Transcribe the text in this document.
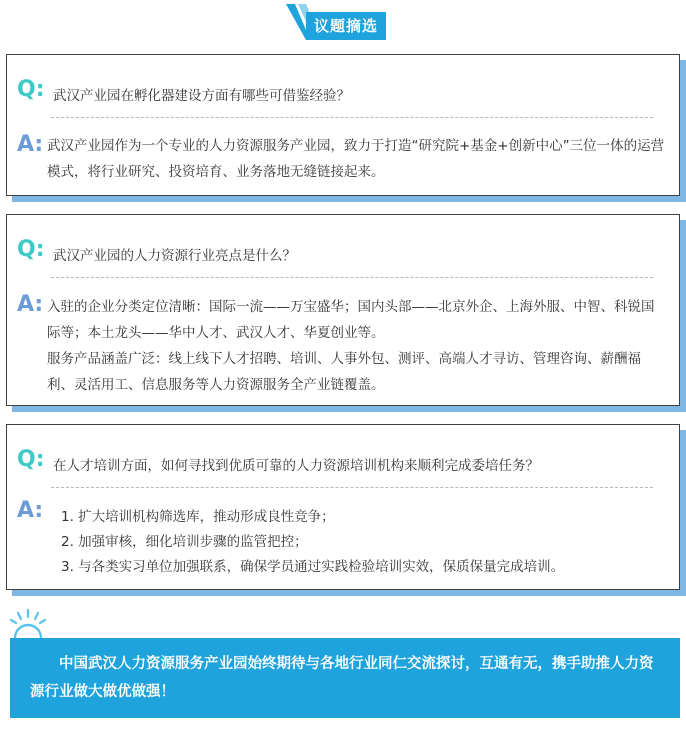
议题摘选
Q: 武汉产业园在孵化器建设方面有哪些可借鉴经验？
A: 武汉产业园作为一个专业的人力资源服务产业园，致力于打造“研究院+基金+创新中心”三位一体的运营模式，将行业研究、投资培育、业务落地无缝链接起来。

Q: 武汉产业园的人力资源行业亮点是什么？
A: 入驻的企业分类定位清晰：国际一流——万宝盛华；国内头部——北京外企、上海外服、中智、科锐国际等；本土龙头——华中人才、武汉人才、华夏创业等。

服务产品涵盖广泛：线上线下人才招聘、培训、人事外包、测评、高端人才寻访、管理咨询、薪酬福利、灵活用工、信息服务等人力资源服务全产业链覆盖。

Q: 在人才培训方面，如何寻找到优质可靠的人力资源培训机构来顺利完成委培任务？
A: 1. 扩大培训机构筛选库，推动形成良性竞争；
2. 加强审核，细化培训步骤的监管把控；
3. 与各类实习单位加强联系，确保学员通过实践检验培训实效，保质保量完成培训。
中国武汉人力资源服务产业园始终期待与各地行业同仁交流探讨，互通有无，携手助推人力资源行业做大做优做强！
